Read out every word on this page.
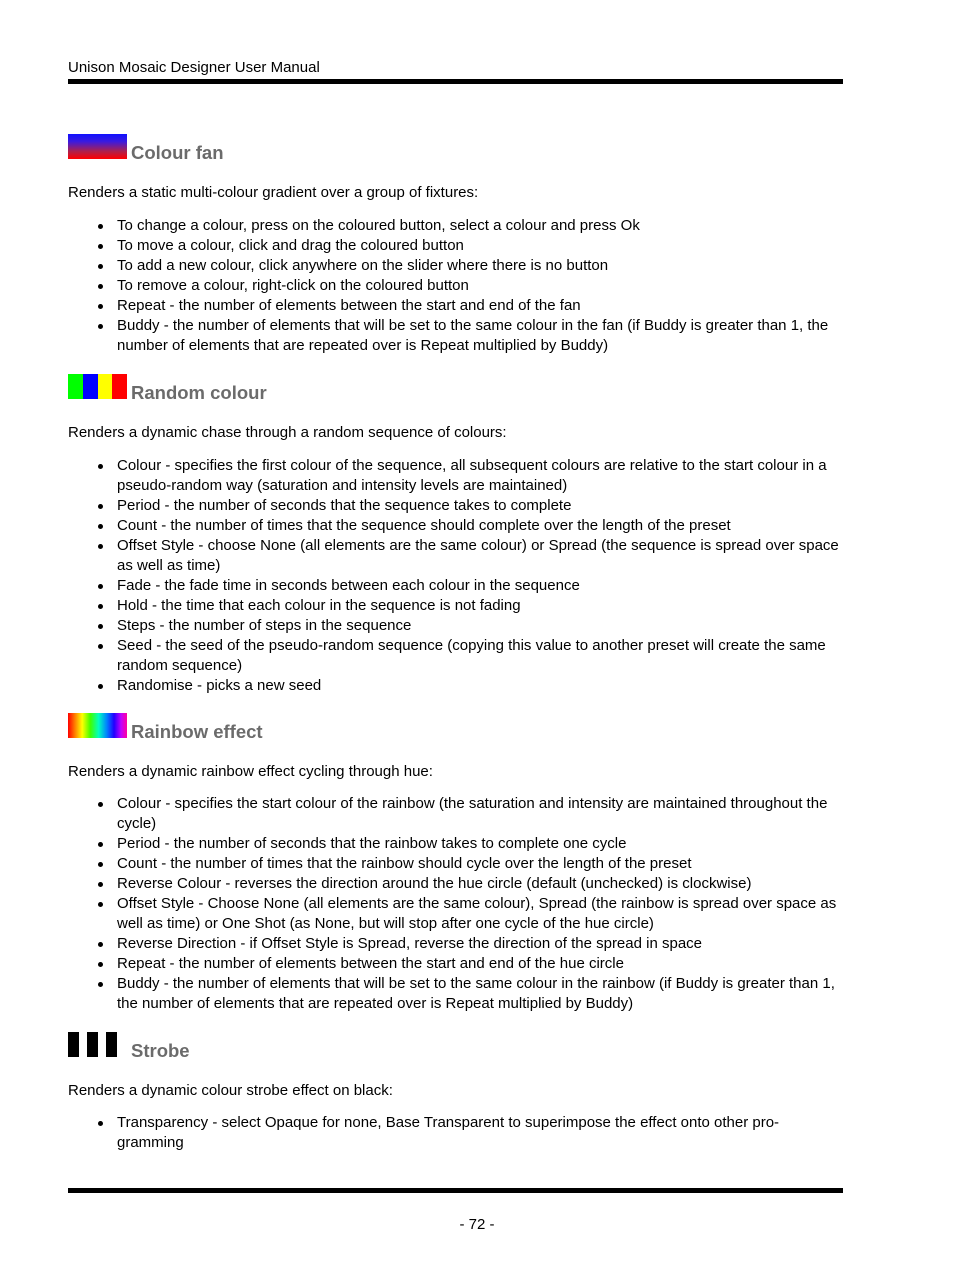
Unison Mosaic Designer User Manual
Colour fan

Renders a static multi-colour gradient over a group of fixtures:

To change a colour, press on the coloured button, select a colour and press Ok
To move a colour, click and drag the coloured button
To add a new colour, click anywhere on the slider where there is no button
To remove a colour, right-click on the coloured button
Repeat - the number of elements between the start and end of the fan
Buddy - the number of elements that will be set to the same colour in the fan (if Buddy is greater than 1, the number of elements that are repeated over is Repeat multiplied by Buddy)
Random colour

Renders a dynamic chase through a random sequence of colours:

Colour - specifies the first colour of the sequence, all subsequent colours are relative to the start colour in a pseudo-random way (saturation and intensity levels are maintained)
Period - the number of seconds that the sequence takes to complete
Count - the number of times that the sequence should complete over the length of the preset
Offset Style - choose None (all elements are the same colour) or Spread (the sequence is spread over space as well as time)
Fade - the fade time in seconds between each colour in the sequence
Hold - the time that each colour in the sequence is not fading
Steps - the number of steps in the sequence
Seed - the seed of the pseudo-random sequence (copying this value to another preset will create the same random sequence)
Randomise - picks a new seed
Rainbow effect

Renders a dynamic rainbow effect cycling through hue:

Colour - specifies the start colour of the rainbow (the saturation and intensity are maintained throughout the cycle)
Period - the number of seconds that the rainbow takes to complete one cycle
Count - the number of times that the rainbow should cycle over the length of the preset
Reverse Colour - reverses the direction around the hue circle (default (unchecked) is clockwise)
Offset Style - Choose None (all elements are the same colour), Spread (the rainbow is spread over space as well as time) or One Shot (as None, but will stop after one cycle of the hue circle)
Reverse Direction - if Offset Style is Spread, reverse the direction of the spread in space
Repeat - the number of elements between the start and end of the hue circle
Buddy - the number of elements that will be set to the same colour in the rainbow (if Buddy is greater than 1, the number of elements that are repeated over is Repeat multiplied by Buddy)
Strobe

Renders a dynamic colour strobe effect on black:

Transparency - select Opaque for none, Base Transparent to superimpose the effect onto other pro- gramming
- 72 -
